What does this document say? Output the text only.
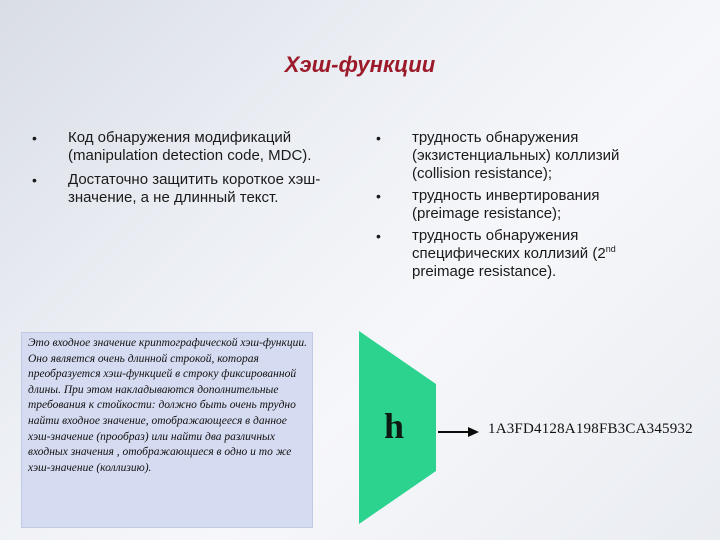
Хэш-функции
• Код обнаружения модификаций (manipulation detection code, MDC).
• Достаточно защитить короткое хэш-значение, а не длинный текст.
• трудность обнаружения (экзистенциальных) коллизий (collision resistance);
• трудность инвертирования (preimage resistance);
• трудность обнаружения специфических коллизий (2nd preimage resistance).
Это входное значение криптографической хэш-функции. Оно является очень длинной строкой, которая преобразуется хэш-функцией в строку фиксированной длины. При этом накладываются дополнительные требования к стойкости: должно быть очень трудно найти входное значение, отображающееся в данное хэш-значение (прообраз) или найти два различных входных значения , отображающиеся в одно и то же хэш-значение (коллизию).
h	1A3FD4128A198FB3CA345932
